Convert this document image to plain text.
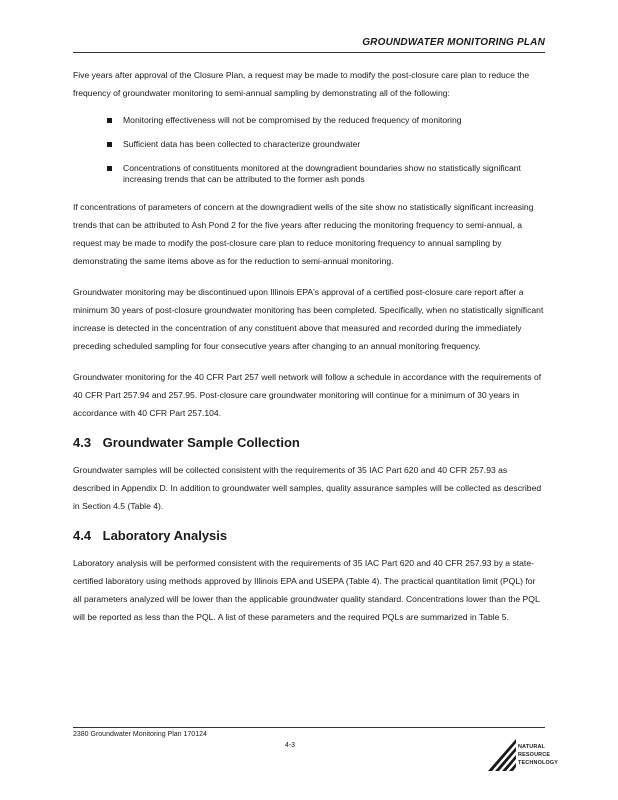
GROUNDWATER MONITORING PLAN

Five years after approval of the Closure Plan, a request may be made to modify the post-closure care plan to reduce the frequency of groundwater monitoring to semi-annual sampling by demonstrating all of the following:

Monitoring effectiveness will not be compromised by the reduced frequency of monitoring
Sufficient data has been collected to characterize groundwater
Concentrations of constituents monitored at the downgradient boundaries show no statistically significant increasing trends that can be attributed to the former ash ponds

If concentrations of parameters of concern at the downgradient wells of the site show no statistically significant increasing trends that can be attributed to Ash Pond 2 for the five years after reducing the monitoring frequency to semi-annual, a request may be made to modify the post-closure care plan to reduce monitoring frequency to annual sampling by demonstrating the same items above as for the reduction to semi-annual monitoring.

Groundwater monitoring may be discontinued upon Illinois EPA's approval of a certified post-closure care report after a minimum 30 years of post-closure groundwater monitoring has been completed. Specifically, when no statistically significant increase is detected in the concentration of any constituent above that measured and recorded during the immediately preceding scheduled sampling for four consecutive years after changing to an annual monitoring frequency.

Groundwater monitoring for the 40 CFR Part 257 well network will follow a schedule in accordance with the requirements of 40 CFR Part 257.94 and 257.95. Post-closure care groundwater monitoring will continue for a minimum of 30 years in accordance with 40 CFR Part 257.104.

4.3 Groundwater Sample Collection

Groundwater samples will be collected consistent with the requirements of 35 IAC Part 620 and 40 CFR 257.93 as described in Appendix D. In addition to groundwater well samples, quality assurance samples will be collected as described in Section 4.5 (Table 4).

4.4 Laboratory Analysis

Laboratory analysis will be performed consistent with the requirements of 35 IAC Part 620 and 40 CFR 257.93 by a state-certified laboratory using methods approved by Illinois EPA and USEPA (Table 4). The practical quantitation limit (PQL) for all parameters analyzed will be lower than the applicable groundwater quality standard. Concentrations lower than the PQL will be reported as less than the PQL. A list of these parameters and the required PQLs are summarized in Table 5.

2380 Groundwater Monitoring Plan 170124
4-3	NATURAL
RESOURCE
TECHNOLOGY
